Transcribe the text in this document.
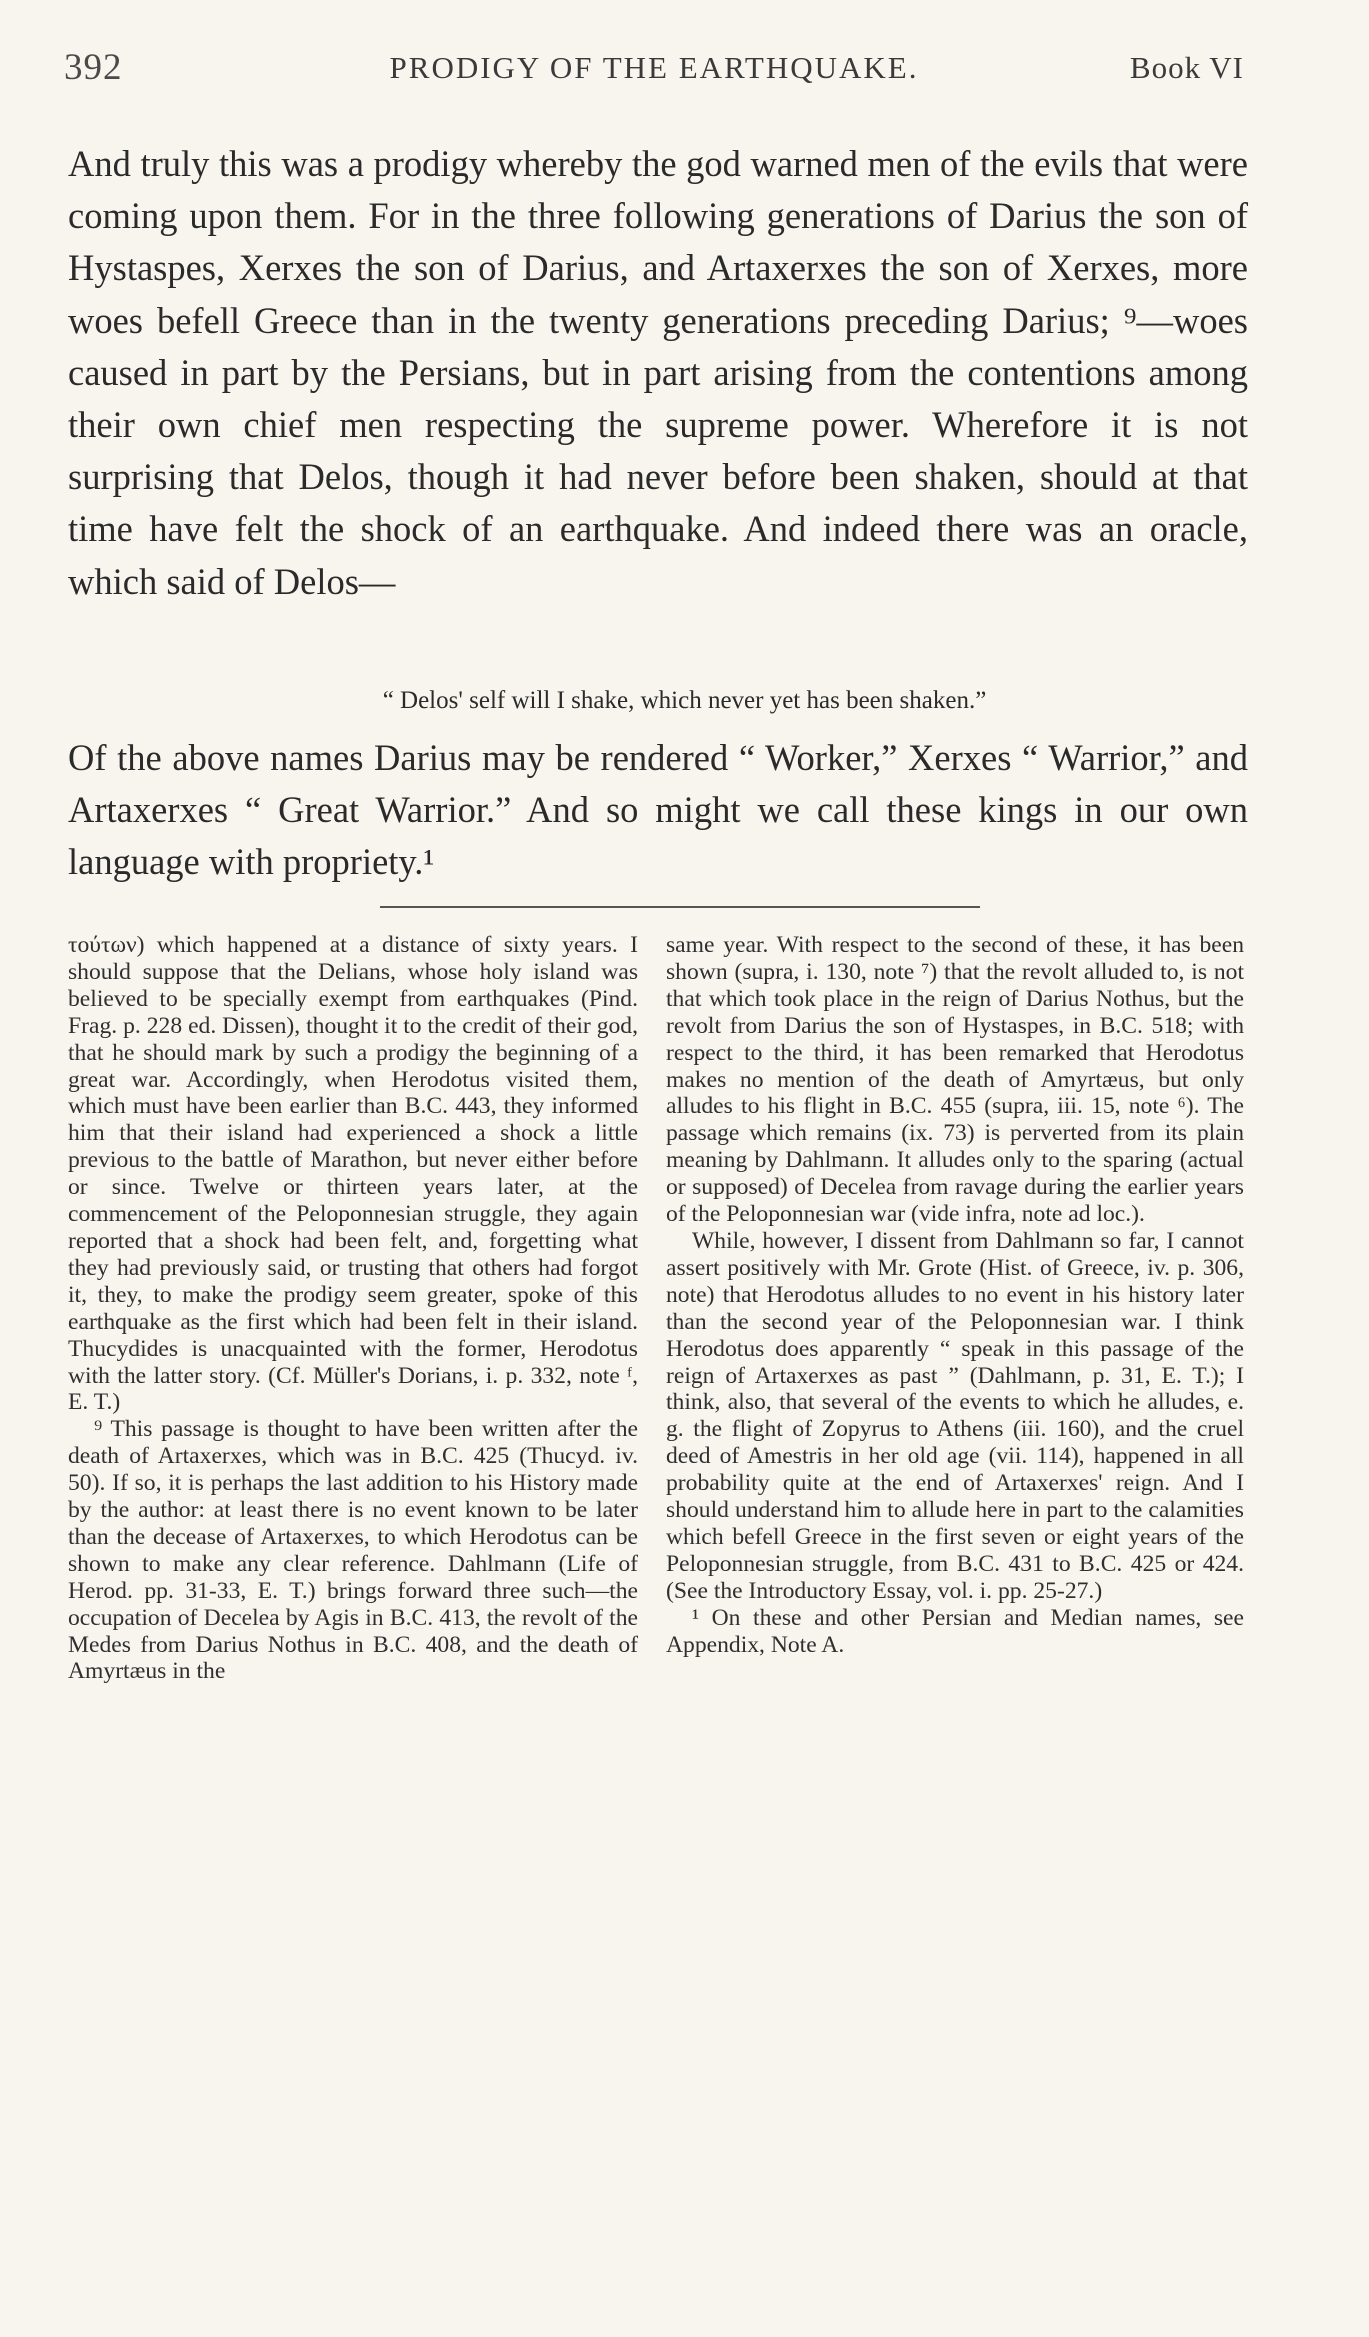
392	PRODIGY OF THE EARTHQUAKE.	Book VI

And truly this was a prodigy whereby the god warned men of the evils that were coming upon them. For in the three following generations of Darius the son of Hystaspes, Xerxes the son of Darius, and Artaxerxes the son of Xerxes, more woes befell Greece than in the twenty generations preceding Darius; ⁹—woes caused in part by the Persians, but in part arising from the contentions among their own chief men respecting the supreme power. Wherefore it is not surprising that Delos, though it had never before been shaken, should at that time have felt the shock of an earthquake. And indeed there was an oracle, which said of Delos—

“ Delos' self will I shake, which never yet has been shaken.”

Of the above names Darius may be rendered “ Worker,” Xerxes “ Warrior,” and Artaxerxes “ Great Warrior.” And so might we call these kings in our own language with propriety.¹

τούτων) which happened at a distance of sixty years. I should suppose that the Delians, whose holy island was believed to be specially exempt from earthquakes (Pind. Frag. p. 228 ed. Dissen), thought it to the credit of their god, that he should mark by such a prodigy the beginning of a great war. Accordingly, when Herodotus visited them, which must have been earlier than B.C. 443, they informed him that their island had experienced a shock a little previous to the battle of Marathon, but never either before or since. Twelve or thirteen years later, at the commencement of the Peloponnesian struggle, they again reported that a shock had been felt, and, forgetting what they had previously said, or trusting that others had forgot it, they, to make the prodigy seem greater, spoke of this earthquake as the first which had been felt in their island. Thucydides is unacquainted with the former, Herodotus with the latter story. (Cf. Müller's Dorians, i. p. 332, note ᶠ, E. T.)

⁹ This passage is thought to have been written after the death of Artaxerxes, which was in B.C. 425 (Thucyd. iv. 50). If so, it is perhaps the last addition to his History made by the author: at least there is no event known to be later than the decease of Artaxerxes, to which Herodotus can be shown to make any clear reference. Dahlmann (Life of Herod. pp. 31-33, E. T.) brings forward three such—the occupation of Decelea by Agis in B.C. 413, the revolt of the Medes from Darius Nothus in B.C. 408, and the death of Amyrtæus in the

same year. With respect to the second of these, it has been shown (supra, i. 130, note ⁷) that the revolt alluded to, is not that which took place in the reign of Darius Nothus, but the revolt from Darius the son of Hystaspes, in B.C. 518; with respect to the third, it has been remarked that Herodotus makes no mention of the death of Amyrtæus, but only alludes to his flight in B.C. 455 (supra, iii. 15, note ⁶). The passage which remains (ix. 73) is perverted from its plain meaning by Dahlmann. It alludes only to the sparing (actual or supposed) of Decelea from ravage during the earlier years of the Peloponnesian war (vide infra, note ad loc.).

While, however, I dissent from Dahlmann so far, I cannot assert positively with Mr. Grote (Hist. of Greece, iv. p. 306, note) that Herodotus alludes to no event in his history later than the second year of the Peloponnesian war. I think Herodotus does apparently “ speak in this passage of the reign of Artaxerxes as past ” (Dahlmann, p. 31, E. T.); I think, also, that several of the events to which he alludes, e. g. the flight of Zopyrus to Athens (iii. 160), and the cruel deed of Amestris in her old age (vii. 114), happened in all probability quite at the end of Artaxerxes' reign. And I should understand him to allude here in part to the calamities which befell Greece in the first seven or eight years of the Peloponnesian struggle, from B.C. 431 to B.C. 425 or 424. (See the Introductory Essay, vol. i. pp. 25-27.)

¹ On these and other Persian and Median names, see Appendix, Note A.
